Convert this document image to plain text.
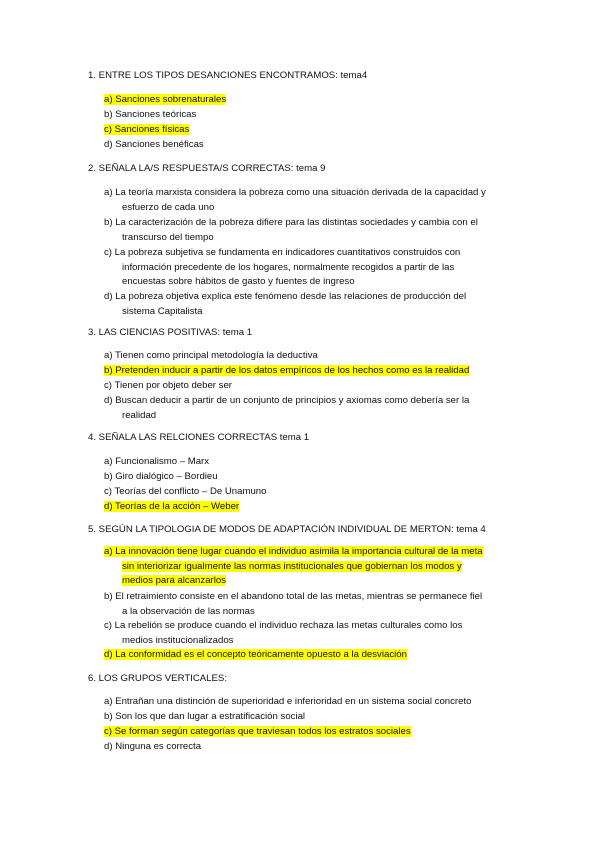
1. ENTRE LOS TIPOS DESANCIONES ENCONTRAMOS: tema4
a) Sanciones sobrenaturales
b) Sanciones teóricas
c) Sanciones físicas
d) Sanciones benéficas
2. SEÑALA LA/S RESPUESTA/S CORRECTAS: tema 9
a) La teoría marxista considera la pobreza como una situación derivada de la capacidad y
esfuerzo de cada uno
b) La caracterización de la pobreza difiere para las distintas sociedades y cambia con el
transcurso del tiempo
c) La pobreza subjetiva se fundamenta en indicadores cuantitativos construidos con
información precedente de los hogares, normalmente recogidos a partir de las
encuestas sobre hábitos de gasto y fuentes de ingreso
d) La pobreza objetiva explica este fenómeno desde las relaciones de producción del
sistema Capitalista
3. LAS CIENCIAS POSITIVAS: tema 1
a) Tienen como principal metodología la deductiva
b) Pretenden inducir a partir de los datos empíricos de los hechos como es la realidad
c) Tienen por objeto deber ser
d) Buscan deducir a partir de un conjunto de principios y axiomas como debería ser la
realidad
4. SEÑALA LAS RELCIONES CORRECTAS tema 1
a) Funcionalismo – Marx
b) Giro dialógico – Bordieu
c) Teorías del conflicto – De Unamuno
d) Teorías de la acción – Weber
5. SEGÚN LA TIPOLOGIA DE MODOS DE ADAPTACIÓN INDIVIDUAL DE MERTON: tema 4
a) La innovación tiene lugar cuando el individuo asimila la importancia cultural de la meta
sin interiorizar igualmente las normas institucionales que gobiernan los modos y
medios para alcanzarlos
b) El retraimiento consiste en el abandono total de las metas, mientras se permanece fiel
a la observación de las normas
c) La rebelión se produce cuando el individuo rechaza las metas culturales como los
medios institucionalizados
d) La conformidad es el concepto teóricamente opuesto a la desviación
6. LOS GRUPOS VERTICALES:
a) Entrañan una distinción de superioridad e inferioridad en un sistema social concreto
b) Son los que dan lugar a estratificación social
c) Se forman según categorías que traviesan todos los estratos sociales
d) Ninguna es correcta
